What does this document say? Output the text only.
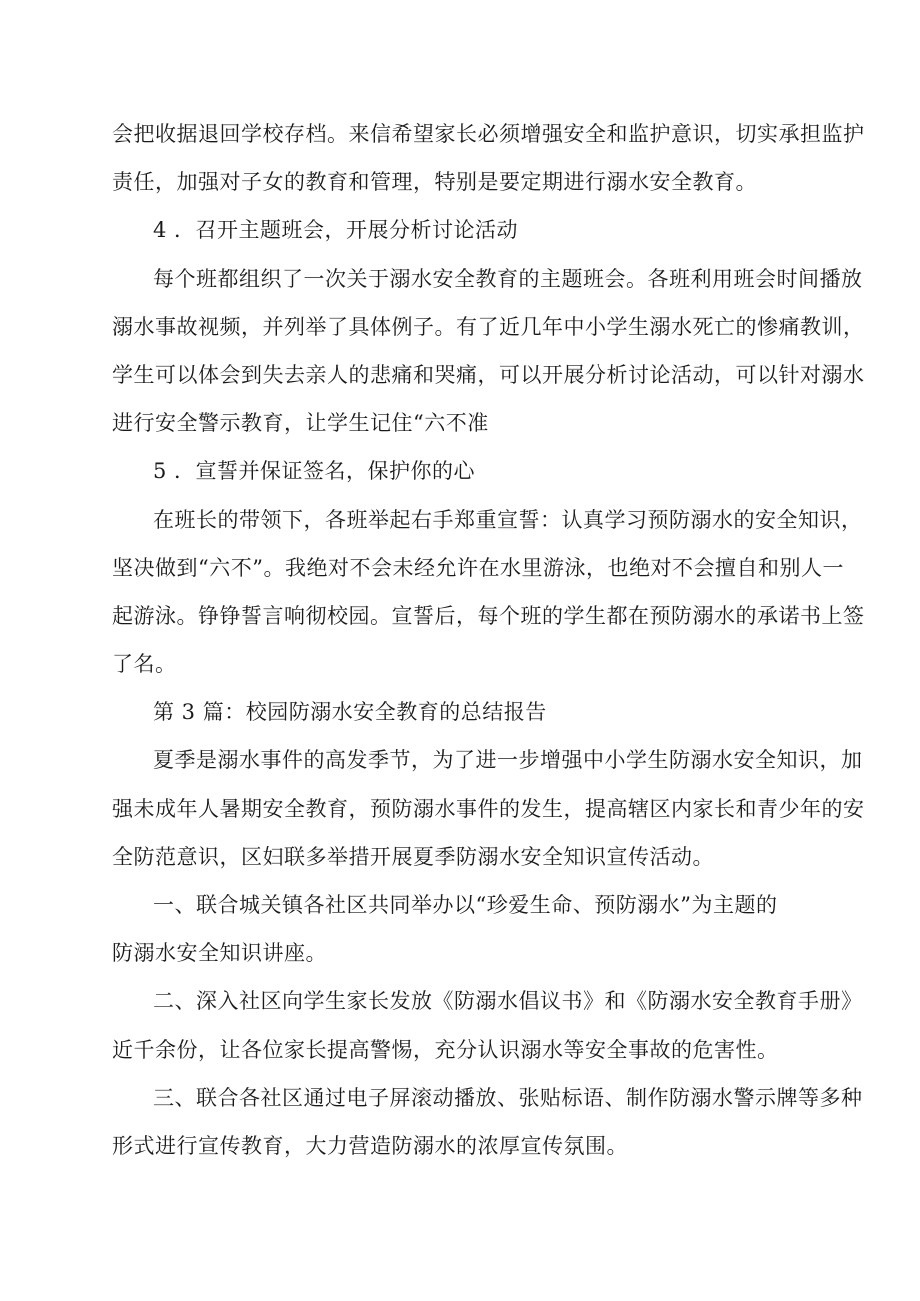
会把收据退回学校存档。来信希望家长必须增强安全和监护意识，切实承担监护
责任，加强对子女的教育和管理，特别是要定期进行溺水安全教育。
4 ．召开主题班会，开展分析讨论活动
每个班都组织了一次关于溺水安全教育的主题班会。各班利用班会时间播放
溺水事故视频，并列举了具体例子。有了近几年中小学生溺水死亡的惨痛教训，
学生可以体会到失去亲人的悲痛和哭痛，可以开展分析讨论活动，可以针对溺水
进行安全警示教育，让学生记住“六不准
5 ．宣誓并保证签名，保护你的心
在班长的带领下，各班举起右手郑重宣誓：认真学习预防溺水的安全知识，
坚决做到“六不”。我绝对不会未经允许在水里游泳，也绝对不会擅自和别人一
起游泳。铮铮誓言响彻校园。宣誓后，每个班的学生都在预防溺水的承诺书上签
了名。
第 3 篇：校园防溺水安全教育的总结报告
夏季是溺水事件的高发季节，为了进一步增强中小学生防溺水安全知识，加
强未成年人暑期安全教育，预防溺水事件的发生，提高辖区内家长和青少年的安
全防范意识，区妇联多举措开展夏季防溺水安全知识宣传活动。
一、联合城关镇各社区共同举办以“珍爱生命、预防溺水”为主题的
防溺水安全知识讲座。
二、深入社区向学生家长发放《防溺水倡议书》和《防溺水安全教育手册》
近千余份，让各位家长提高警惕，充分认识溺水等安全事故的危害性。
三、联合各社区通过电子屏滚动播放、张贴标语、制作防溺水警示牌等多种
形式进行宣传教育，大力营造防溺水的浓厚宣传氛围。
